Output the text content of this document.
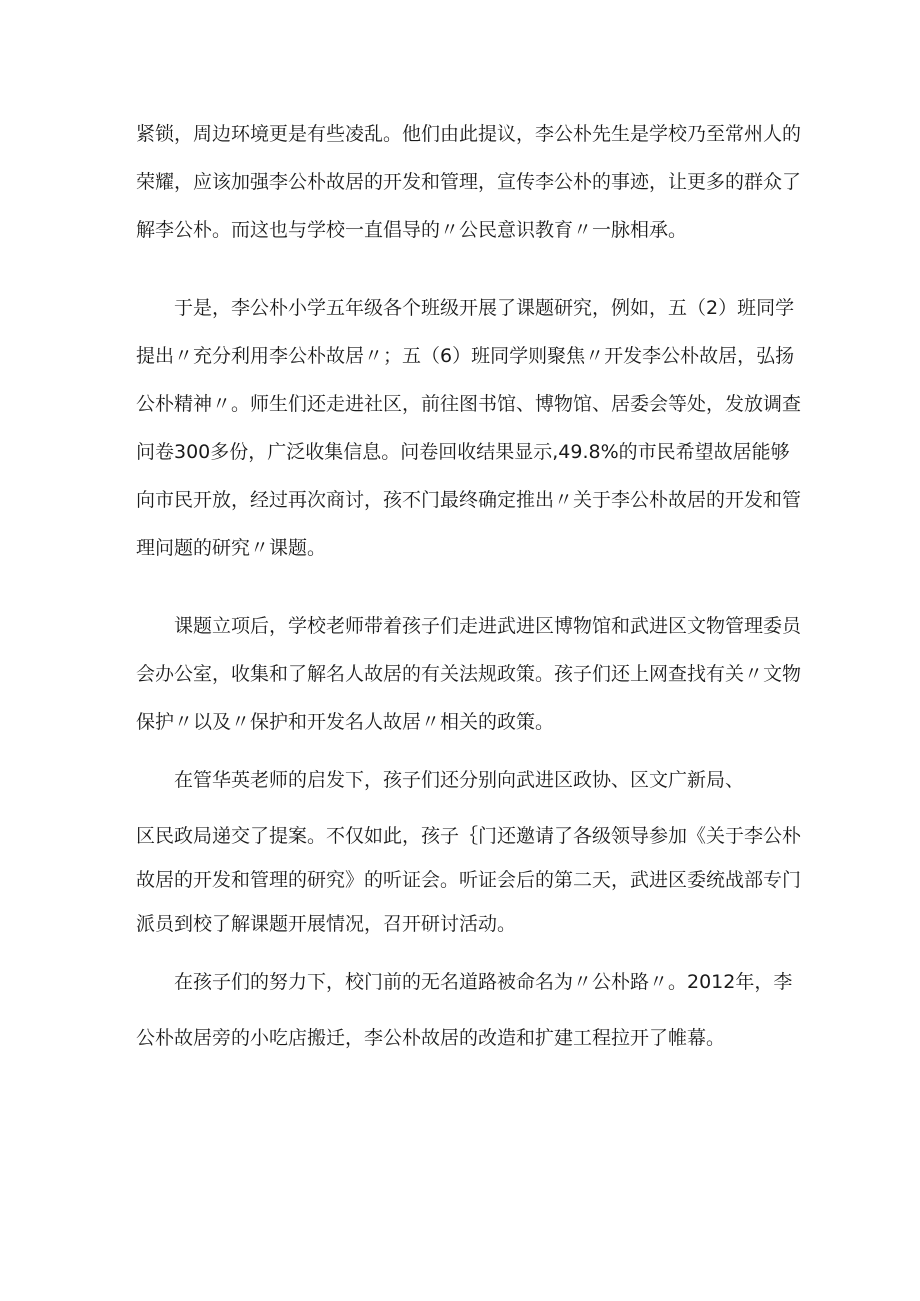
紧锁，周边环境更是有些凌乱。他们由此提议，李公朴先生是学校乃至常州人的
荣耀，应该加强李公朴故居的开发和管理，宣传李公朴的事迹，让更多的群众了
解李公朴。而这也与学校一直倡导的〃公民意识教育〃一脉相承。
于是，李公朴小学五年级各个班级开展了课题研究，例如，五（2）班同学
提出〃充分利用李公朴故居〃；五（6）班同学则聚焦〃开发李公朴故居，弘扬
公朴精神〃。师生们还走进社区，前往图书馆、博物馆、居委会等处，发放调查
问卷300多份，广泛收集信息。问卷回收结果显示,49.8%的市民希望故居能够
向市民开放，经过再次商讨，孩不门最终确定推出〃关于李公朴故居的开发和管
理问题的研究〃课题。
课题立项后，学校老师带着孩子们走进武进区博物馆和武进区文物管理委员
会办公室，收集和了解名人故居的有关法规政策。孩子们还上网查找有关〃文物
保护〃以及〃保护和开发名人故居〃相关的政策。
在管华英老师的启发下，孩子们还分别向武进区政协、区文广新局、
区民政局递交了提案。不仅如此，孩子｛门还邀请了各级领导参加《关于李公朴
故居的开发和管理的研究》的听证会。听证会后的第二天，武进区委统战部专门
派员到校了解课题开展情况，召开研讨活动。
在孩子们的努力下，校门前的无名道路被命名为〃公朴路〃。2012年，李
公朴故居旁的小吃店搬迁，李公朴故居的改造和扩建工程拉开了帷幕。
